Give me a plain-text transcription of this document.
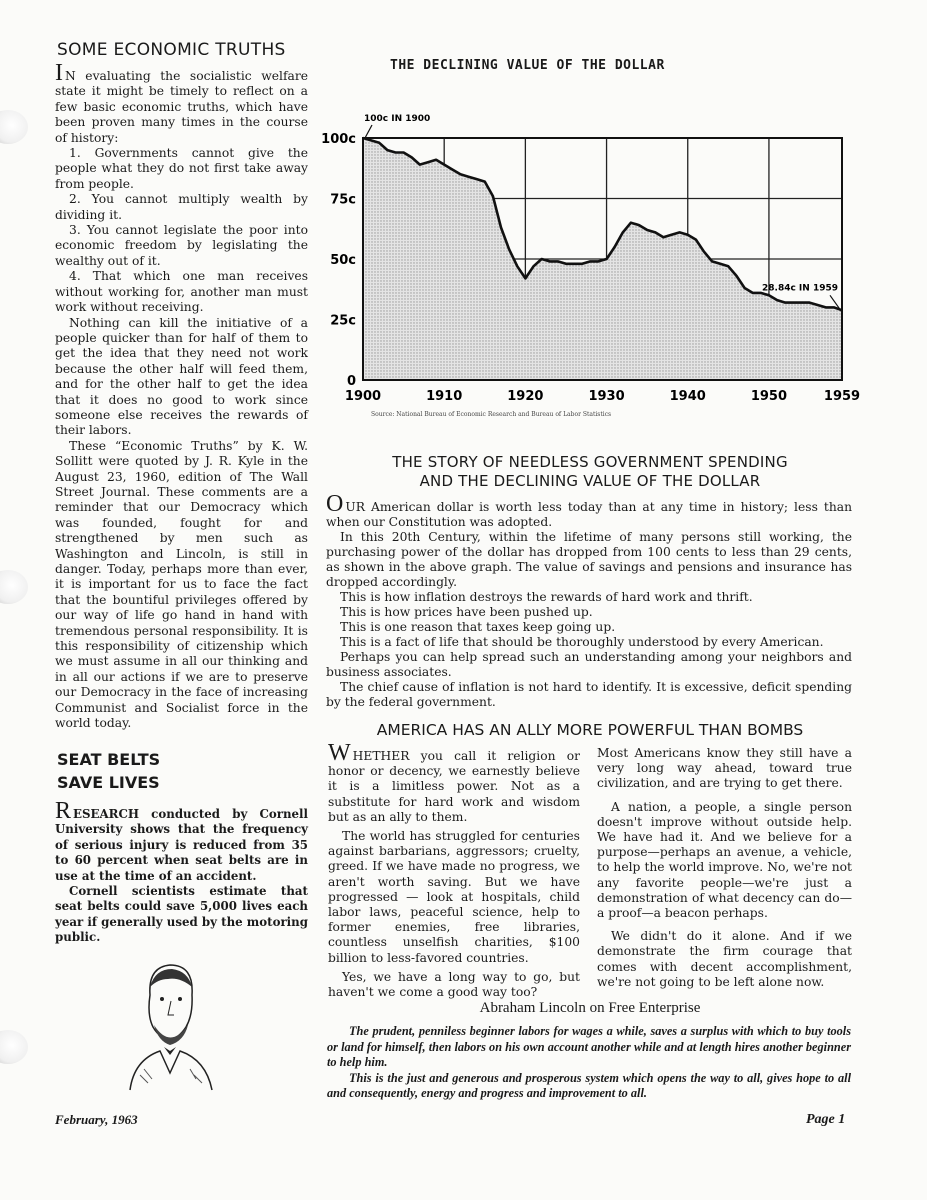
SOME ECONOMIC TRUTHS

I N evaluating the socialistic welfare state it might be timely to reflect on a few basic economic truths, which have been proven many times in the course of history:

1. Governments cannot give the people what they do not first take away from people.

2. You cannot multiply wealth by dividing it.

3. You cannot legislate the poor into economic freedom by legislating the wealthy out of it.

4. That which one man receives without working for, another man must work without receiving.

Nothing can kill the initiative of a people quicker than for half of them to get the idea that they need not work because the other half will feed them, and for the other half to get the idea that it does no good to work since someone else receives the rewards of their labors.

These “Economic Truths” by K. W. Sollitt were quoted by J. R. Kyle in the August 23, 1960, edition of The Wall Street Journal. These comments are a reminder that our Democracy which was founded, fought for and strengthened by men such as Washington and Lincoln, is still in danger. Today, perhaps more than ever, it is important for us to face the fact that the bountiful privileges offered by our way of life go hand in hand with tremendous personal responsibility. It is this responsibility of citizenship which we must assume in all our thinking and in all our actions if we are to preserve our Democracy in the face of increasing Communist and Socialist force in the world today.

SEAT BELTS
SAVE LIVES

RESEARCH conducted by Cornell University shows that the frequency of serious injury is reduced from 35 to 60 percent when seat belts are in use at the time of an accident.

Cornell scientists estimate that seat belts could save 5,000 lives each year if generally used by the motoring public.

February, 1963	Page 1
THE DECLINING VALUE OF THE DOLLAR
1900	1910	1920	1930	1940	1950	1959
0
25c
50c
75c
100c
100c IN 1900
28.84c IN 1959
Source: National Bureau of Economic Research and Bureau of Labor Statistics
THE STORY OF NEEDLESS GOVERNMENT SPENDING
AND THE DECLINING VALUE OF THE DOLLAR

OUR American dollar is worth less today than at any time in history; less than when our Constitution was adopted.

In this 20th Century, within the lifetime of many persons still working, the purchasing power of the dollar has dropped from 100 cents to less than 29 cents, as shown in the above graph. The value of savings and pensions and insurance has dropped accordingly.

This is how inflation destroys the rewards of hard work and thrift.

This is how prices have been pushed up.

This is one reason that taxes keep going up.

This is a fact of life that should be thoroughly understood by every American.

Perhaps you can help spread such an understanding among your neighbors and business associates.

The chief cause of inflation is not hard to identify. It is excessive, deficit spending by the federal government.

AMERICA HAS AN ALLY MORE POWERFUL THAN BOMBS

WHETHER you call it religion or honor or decency, we earnestly believe it is a limitless power. Not as a substitute for hard work and wisdom but as an ally to them.

The world has struggled for centuries against barbarians, aggressors; cruelty, greed. If we have made no progress, we aren't worth saving. But we have progressed — look at hospitals, child labor laws, peaceful science, help to former enemies, free libraries, countless unselfish charities, $100 billion to less-favored countries.

Yes, we have a long way to go, but haven't we come a good way too?

Most Americans know they still have a very long way ahead, toward true civilization, and are trying to get there.

A nation, a people, a single person doesn't improve without outside help. We have had it. And we believe for a purpose—perhaps an avenue, a vehicle, to help the world improve. No, we're not any favorite people—we're just a demonstration of what decency can do—a proof—a beacon perhaps.

We didn't do it alone. And if we demonstrate the firm courage that comes with decent accomplishment, we're not going to be left alone now.

Abraham Lincoln on Free Enterprise

The prudent, penniless beginner labors for wages a while, saves a surplus with which to buy tools or land for himself, then labors on his own account another while and at length hires another beginner to help him.

This is the just and generous and prosperous system which opens the way to all, gives hope to all and consequently, energy and progress and improvement to all.
